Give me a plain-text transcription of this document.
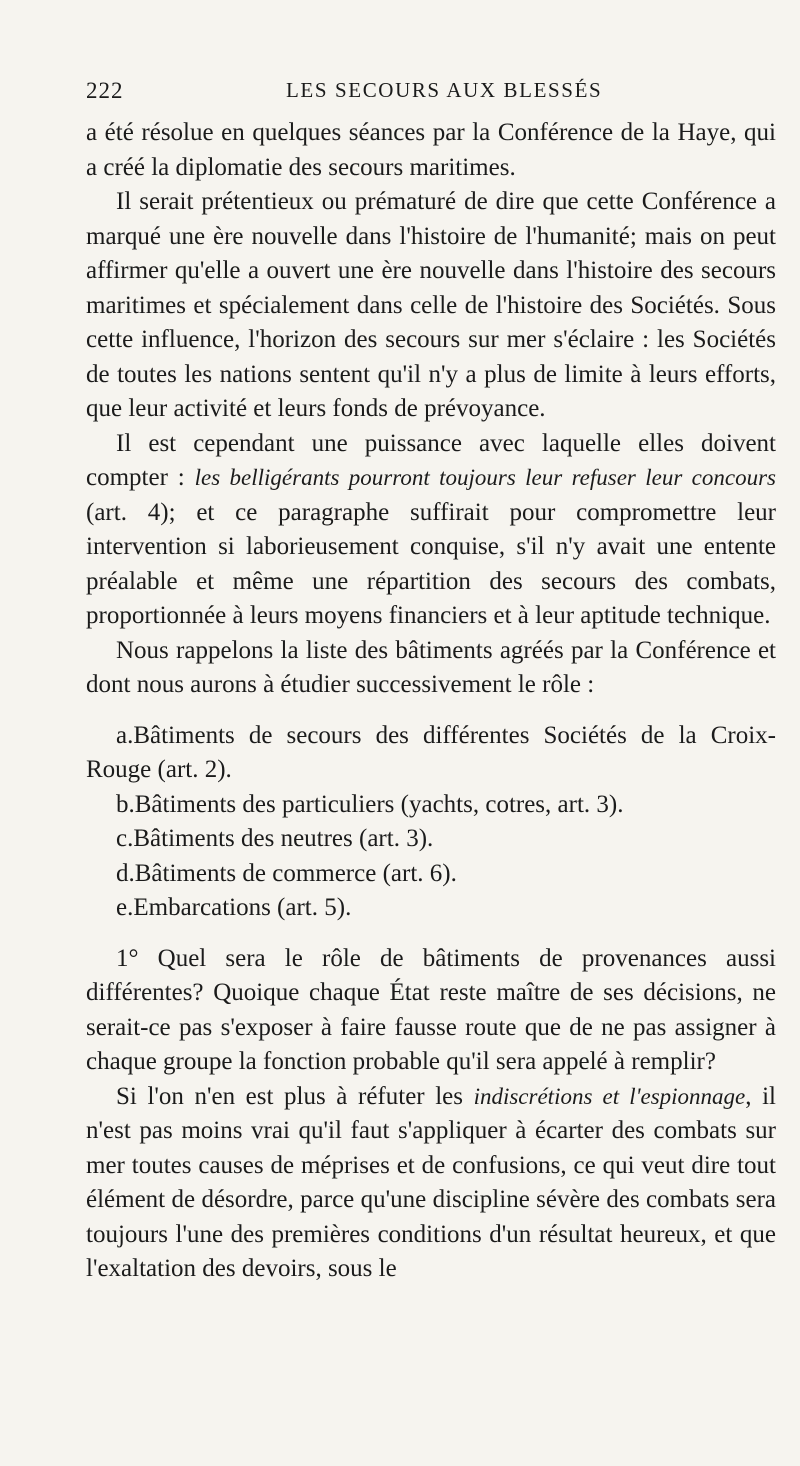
222	LES SECOURS AUX BLESSÉS

a été résolue en quelques séances par la Conférence de la Haye, qui a créé la diplomatie des secours maritimes.

Il serait prétentieux ou prématuré de dire que cette Conférence a marqué une ère nouvelle dans l'histoire de l'humanité; mais on peut affirmer qu'elle a ouvert une ère nouvelle dans l'histoire des secours maritimes et spécialement dans celle de l'histoire des Sociétés. Sous cette influence, l'horizon des secours sur mer s'éclaire : les Sociétés de toutes les nations sentent qu'il n'y a plus de limite à leurs efforts, que leur activité et leurs fonds de prévoyance.

Il est cependant une puissance avec laquelle elles doivent compter : les belligérants pourront toujours leur refuser leur concours (art. 4); et ce paragraphe suffirait pour compromettre leur intervention si laborieusement conquise, s'il n'y avait une entente préalable et même une répartition des secours des combats, proportionnée à leurs moyens financiers et à leur aptitude technique.

Nous rappelons la liste des bâtiments agréés par la Conférence et dont nous aurons à étudier successivement le rôle :

a.Bâtiments de secours des différentes Sociétés de la Croix-Rouge (art. 2).

b.Bâtiments des particuliers (yachts, cotres, art. 3).

c.Bâtiments des neutres (art. 3).

d.Bâtiments de commerce (art. 6).

e.Embarcations (art. 5).

1° Quel sera le rôle de bâtiments de provenances aussi différentes? Quoique chaque État reste maître de ses décisions, ne serait-ce pas s'exposer à faire fausse route que de ne pas assigner à chaque groupe la fonction probable qu'il sera appelé à remplir?

Si l'on n'en est plus à réfuter les indiscrétions et l'espionnage, il n'est pas moins vrai qu'il faut s'appliquer à écarter des combats sur mer toutes causes de méprises et de confusions, ce qui veut dire tout élément de désordre, parce qu'une discipline sévère des combats sera toujours l'une des premières conditions d'un résultat heureux, et que l'exaltation des devoirs, sous le
